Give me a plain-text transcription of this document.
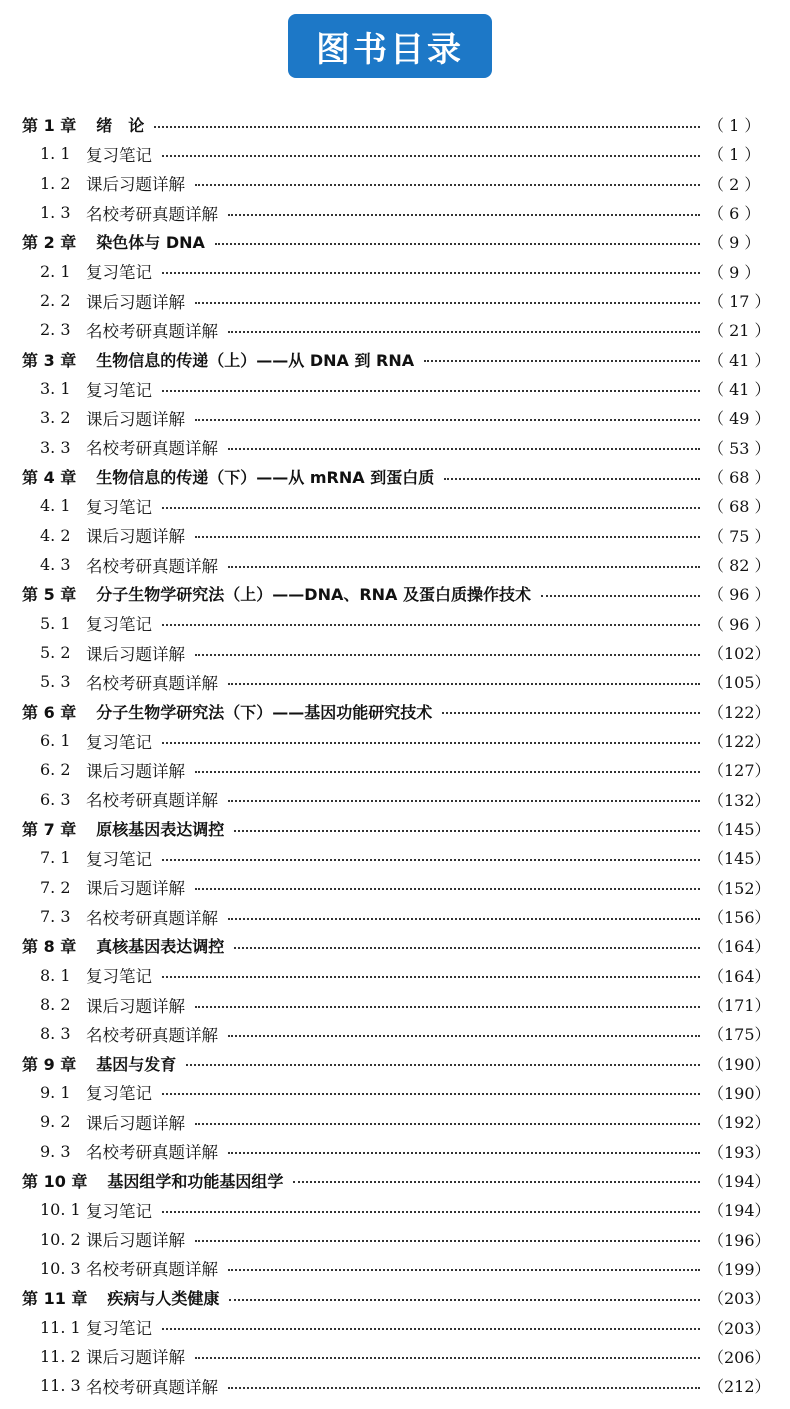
图书目录
第 1 章 绪　论	（ 1 ）
1. 1 复习笔记	（ 1 ）
1. 2 课后习题详解	（ 2 ）
1. 3 名校考研真题详解	（ 6 ）
第 2 章 染色体与 DNA	（ 9 ）
2. 1 复习笔记	（ 9 ）
2. 2 课后习题详解	（ 17 ）
2. 3 名校考研真题详解	（ 21 ）
第 3 章 生物信息的传递（上）——从 DNA 到 RNA	（ 41 ）
3. 1 复习笔记	（ 41 ）
3. 2 课后习题详解	（ 49 ）
3. 3 名校考研真题详解	（ 53 ）
第 4 章 生物信息的传递（下）——从 mRNA 到蛋白质	（ 68 ）
4. 1 复习笔记	（ 68 ）
4. 2 课后习题详解	（ 75 ）
4. 3 名校考研真题详解	（ 82 ）
第 5 章 分子生物学研究法（上）——DNA、RNA 及蛋白质操作技术	（ 96 ）
5. 1 复习笔记	（ 96 ）
5. 2 课后习题详解	（102）
5. 3 名校考研真题详解	（105）
第 6 章 分子生物学研究法（下）——基因功能研究技术	（122）
6. 1 复习笔记	（122）
6. 2 课后习题详解	（127）
6. 3 名校考研真题详解	（132）
第 7 章 原核基因表达调控	（145）
7. 1 复习笔记	（145）
7. 2 课后习题详解	（152）
7. 3 名校考研真题详解	（156）
第 8 章 真核基因表达调控	（164）
8. 1 复习笔记	（164）
8. 2 课后习题详解	（171）
8. 3 名校考研真题详解	（175）
第 9 章 基因与发育	（190）
9. 1 复习笔记	（190）
9. 2 课后习题详解	（192）
9. 3 名校考研真题详解	（193）
第 10 章 基因组学和功能基因组学	（194）
10. 1 复习笔记	（194）
10. 2 课后习题详解	（196）
10. 3 名校考研真题详解	（199）
第 11 章 疾病与人类健康	（203）
11. 1 复习笔记	（203）
11. 2 课后习题详解	（206）
11. 3 名校考研真题详解	（212）
